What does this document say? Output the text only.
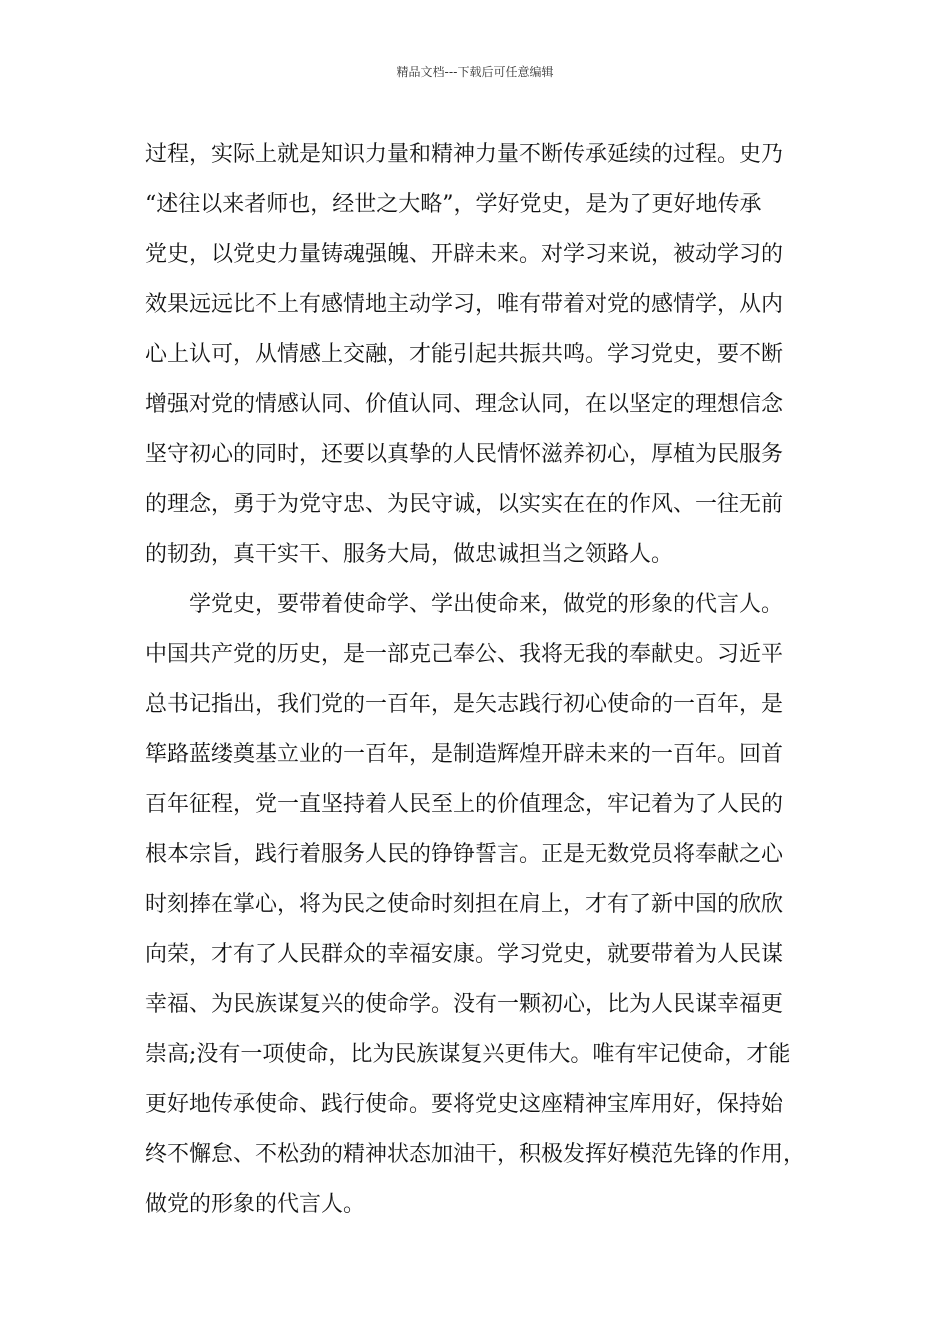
精品文档---下载后可任意编辑
过程，实际上就是知识力量和精神力量不断传承延续的过程。史乃
“述往以来者师也，经世之大略”，学好党史，是为了更好地传承
党史，以党史力量铸魂强魄、开辟未来。对学习来说，被动学习的
效果远远比不上有感情地主动学习，唯有带着对党的感情学，从内
心上认可，从情感上交融，才能引起共振共鸣。学习党史，要不断
增强对党的情感认同、价值认同、理念认同，在以坚定的理想信念
坚守初心的同时，还要以真挚的人民情怀滋养初心，厚植为民服务
的理念，勇于为党守忠、为民守诚，以实实在在的作风、一往无前
的韧劲，真干实干、服务大局，做忠诚担当之领路人。
学党史，要带着使命学、学出使命来，做党的形象的代言人。
中国共产党的历史，是一部克己奉公、我将无我的奉献史。习近平
总书记指出，我们党的一百年，是矢志践行初心使命的一百年，是
筚路蓝缕奠基立业的一百年，是制造辉煌开辟未来的一百年。回首
百年征程，党一直坚持着人民至上的价值理念，牢记着为了人民的
根本宗旨，践行着服务人民的铮铮誓言。正是无数党员将奉献之心
时刻捧在掌心，将为民之使命时刻担在肩上，才有了新中国的欣欣
向荣，才有了人民群众的幸福安康。学习党史，就要带着为人民谋
幸福、为民族谋复兴的使命学。没有一颗初心，比为人民谋幸福更
崇高;没有一项使命，比为民族谋复兴更伟大。唯有牢记使命，才能
更好地传承使命、践行使命。要将党史这座精神宝库用好，保持始
终不懈怠、不松劲的精神状态加油干，积极发挥好模范先锋的作用，
做党的形象的代言人。
